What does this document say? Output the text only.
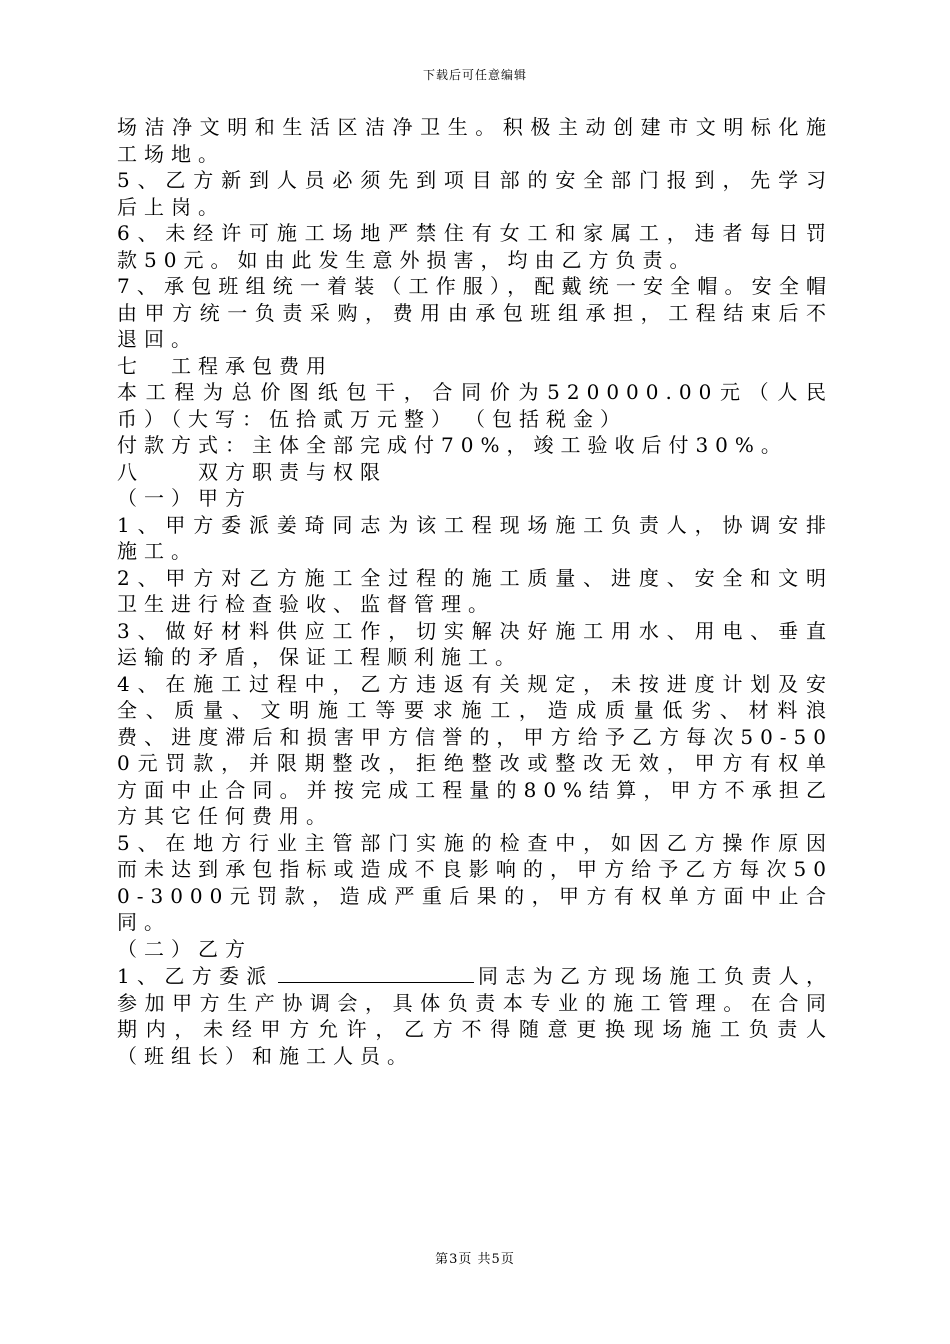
下载后可任意编辑

场洁净文明和生活区洁净卫生。积极主动创建市文明标化施工场地。

5、乙方新到人员必须先到项目部的安全部门报到，先学习后上岗。

6、未经许可施工场地严禁住有女工和家属工，违者每日罚款50元。如由此发生意外损害，均由乙方负责。

7、承包班组统一着装（工作服），配戴统一安全帽。安全帽由甲方统一负责采购，费用由承包班组承担，工程结束后不退回。

七　工程承包费用

本工程为总价图纸包干，合同价为520000.00元（人民币）（大写：伍拾贰万元整）　（包括税金）

付款方式：主体全部完成付70%，竣工验收后付30%。

八　　双方职责与权限

（一）甲方

1、甲方委派姜琦同志为该工程现场施工负责人，协调安排施工。

2、甲方对乙方施工全过程的施工质量、进度、安全和文明卫生进行检查验收、监督管理。

3、做好材料供应工作，切实解决好施工用水、用电、垂直运输的矛盾，保证工程顺利施工。

4、在施工过程中，乙方违返有关规定，未按进度计划及安全、质量、文明施工等要求施工，造成质量低劣、材料浪费、进度滞后和损害甲方信誉的，甲方给予乙方每次50-500元罚款，并限期整改，拒绝整改或整改无效，甲方有权单方面中止合同。并按完成工程量的80%结算，甲方不承担乙方其它任何费用。

5、在地方行业主管部门实施的检查中，如因乙方操作原因而未达到承包指标或造成不良影响的，甲方给予乙方每次500-3000元罚款，造成严重后果的，甲方有权单方面中止合同。

（二）乙方

1、乙方委派	同志为乙方现场施工负责人，参加甲方生产协调会，具体负责本专业的施工管理。在合同期内，未经甲方允许，乙方不得随意更换现场施工负责人（班组长）和施工人员。

第3页 共5页
